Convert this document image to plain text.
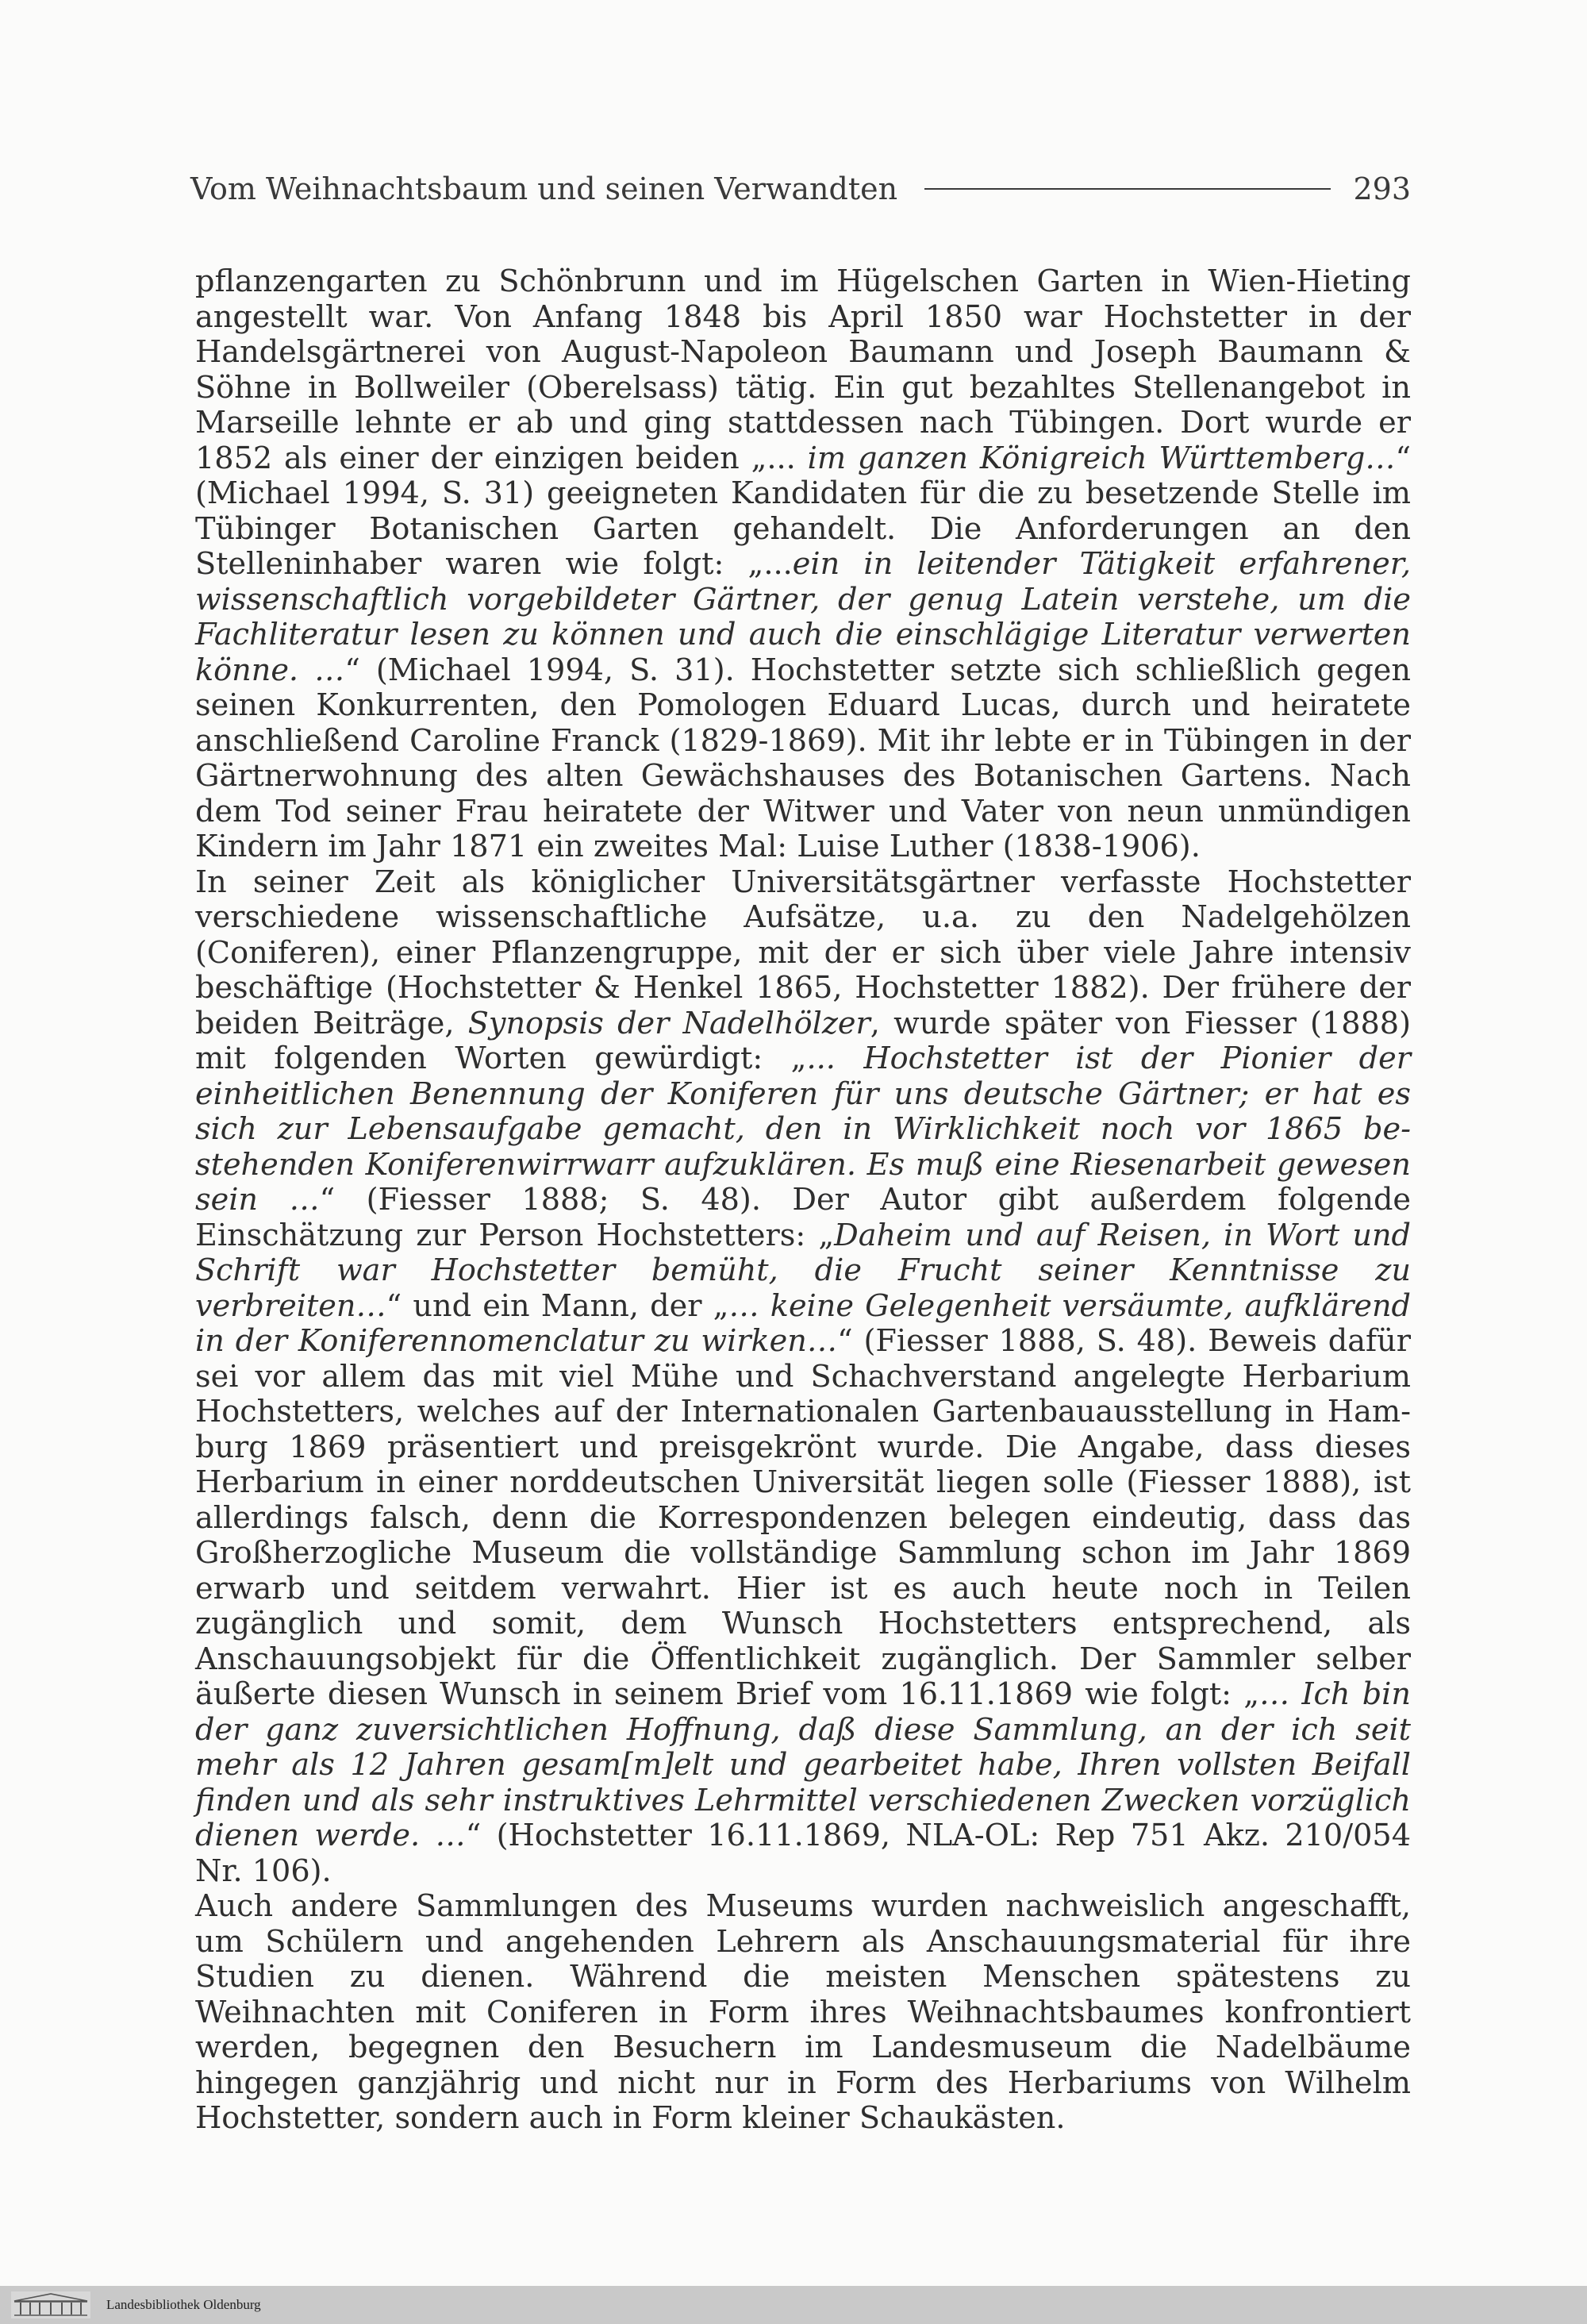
Vom Weihnachtsbaum und seinen Verwandten	293

pflanzengarten zu Schönbrunn und im Hügelschen Garten in Wien-Hieting angestellt war. Von Anfang 1848 bis April 1850 war Hochstetter in der Handelsgärtnerei von August-Napoleon Baumann und Joseph Baumann & Söhne in Bollweiler (Oberelsass) tätig. Ein gut bezahltes Stellenangebot in Marseille lehnte er ab und ging stattdessen nach Tübingen. Dort wurde er 1852 als einer der einzigen beiden „... im ganzen Königreich Württemberg…“ (Michael 1994, S. 31) geeigneten Kandidaten für die zu besetzende Stelle im Tübinger Botanischen Garten gehandelt. Die Anforderungen an den Stelleninhaber waren wie folgt: „...ein in leitender Tätigkeit erfahrener, wissenschaftlich vorgebildeter Gärtner, der genug Latein verstehe, um die Fachliteratur lesen zu können und auch die einschlägige Literatur verwerten könne. …“ (Michael 1994, S. 31). Hochstetter setzte sich schließlich gegen seinen Konkurrenten, den Pomologen Eduard Lucas, durch und heiratete anschließend Caroline Franck (1829-1869). Mit ihr lebte er in Tübingen in der Gärtnerwohnung des alten Gewächshauses des Botanischen Gartens. Nach dem Tod seiner Frau heiratete der Witwer und Vater von neun unmündigen Kindern im Jahr 1871 ein zweites Mal: Luise Luther (1838-1906).

In seiner Zeit als königlicher Universitätsgärtner verfasste Hochstetter verschiedene wissenschaftliche Aufsätze, u.a. zu den Nadelgehölzen (Coniferen), einer Pflanzengruppe, mit der er sich über viele Jahre intensiv beschäftige (Hochstetter & Henkel 1865, Hochstetter 1882). Der frühere der beiden Beiträge, Synopsis der Nadelhölzer, wurde später von Fiesser (1888) mit folgenden Worten gewürdigt: „... Hochstetter ist der Pionier der einheitlichen Benennung der Koniferen für uns deutsche Gärtner; er hat es sich zur Lebensaufgabe gemacht, den in Wirklichkeit noch vor 1865 bestehenden Koniferenwirrwarr aufzuklären. Es muß eine Riesenarbeit gewesen sein …“ (Fiesser 1888; S. 48). Der Autor gibt außerdem folgende Einschätzung zur Person Hochstetters: „Daheim und auf Reisen, in Wort und Schrift war Hochstetter bemüht, die Frucht seiner Kenntnisse zu verbreiten…“ und ein Mann, der „… keine Gelegenheit versäumte, aufklärend in der Koniferennomenclatur zu wirken…“ (Fiesser 1888, S. 48). Beweis dafür sei vor allem das mit viel Mühe und Schachverstand angelegte Herbarium Hochstetters, welches auf der Internationalen Gartenbauausstellung in Hamburg 1869 präsentiert und preisgekrönt wurde. Die Angabe, dass dieses Herbarium in einer norddeutschen Universität liegen solle (Fiesser 1888), ist allerdings falsch, denn die Korrespondenzen belegen eindeutig, dass das Großherzogliche Museum die vollständige Sammlung schon im Jahr 1869 erwarb und seitdem verwahrt. Hier ist es auch heute noch in Teilen zugänglich und somit, dem Wunsch Hochstetters entsprechend, als Anschauungsobjekt für die Öffentlichkeit zugänglich. Der Sammler selber äußerte diesen Wunsch in seinem Brief vom 16.11.1869 wie folgt: „… Ich bin der ganz zuversichtlichen Hoffnung, daß diese Sammlung, an der ich seit mehr als 12 Jahren gesam[m]elt und gearbeitet habe, Ihren vollsten Beifall finden und als sehr instruktives Lehrmittel verschiedenen Zwecken vorzüglich dienen werde. …“ (Hochstetter 16.11.1869, NLA-OL: Rep 751 Akz. 210/054 Nr. 106).

Auch andere Sammlungen des Museums wurden nachweislich angeschafft, um Schülern und angehenden Lehrern als Anschauungsmaterial für ihre Studien zu dienen. Während die meisten Menschen spätestens zu Weihnachten mit Coniferen in Form ihres Weihnachtsbaumes konfrontiert werden, begegnen den Besuchern im Landesmuseum die Nadelbäume hingegen ganzjährig und nicht nur in Form des Herbariums von Wilhelm Hochstetter, sondern auch in Form kleiner Schaukästen.

Landesbibliothek Oldenburg
